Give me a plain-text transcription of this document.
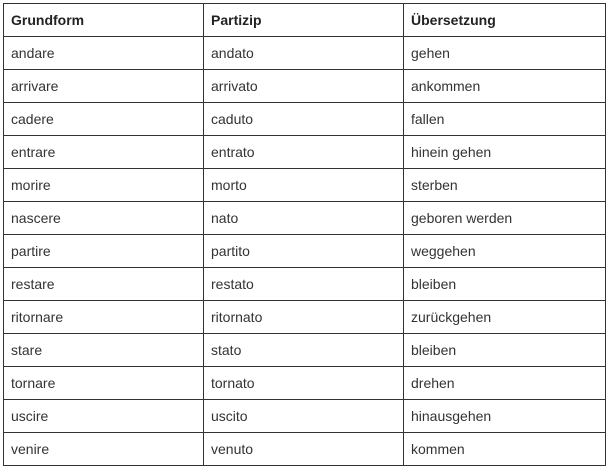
Grundform	Partizip	Übersetzung
andare	andato	gehen
arrivare	arrivato	ankommen
cadere	caduto	fallen
entrare	entrato	hinein gehen
morire	morto	sterben
nascere	nato	geboren werden
partire	partito	weggehen
restare	restato	bleiben
ritornare	ritornato	zurückgehen
stare	stato	bleiben
tornare	tornato	drehen
uscire	uscito	hinausgehen
venire	venuto	kommen
